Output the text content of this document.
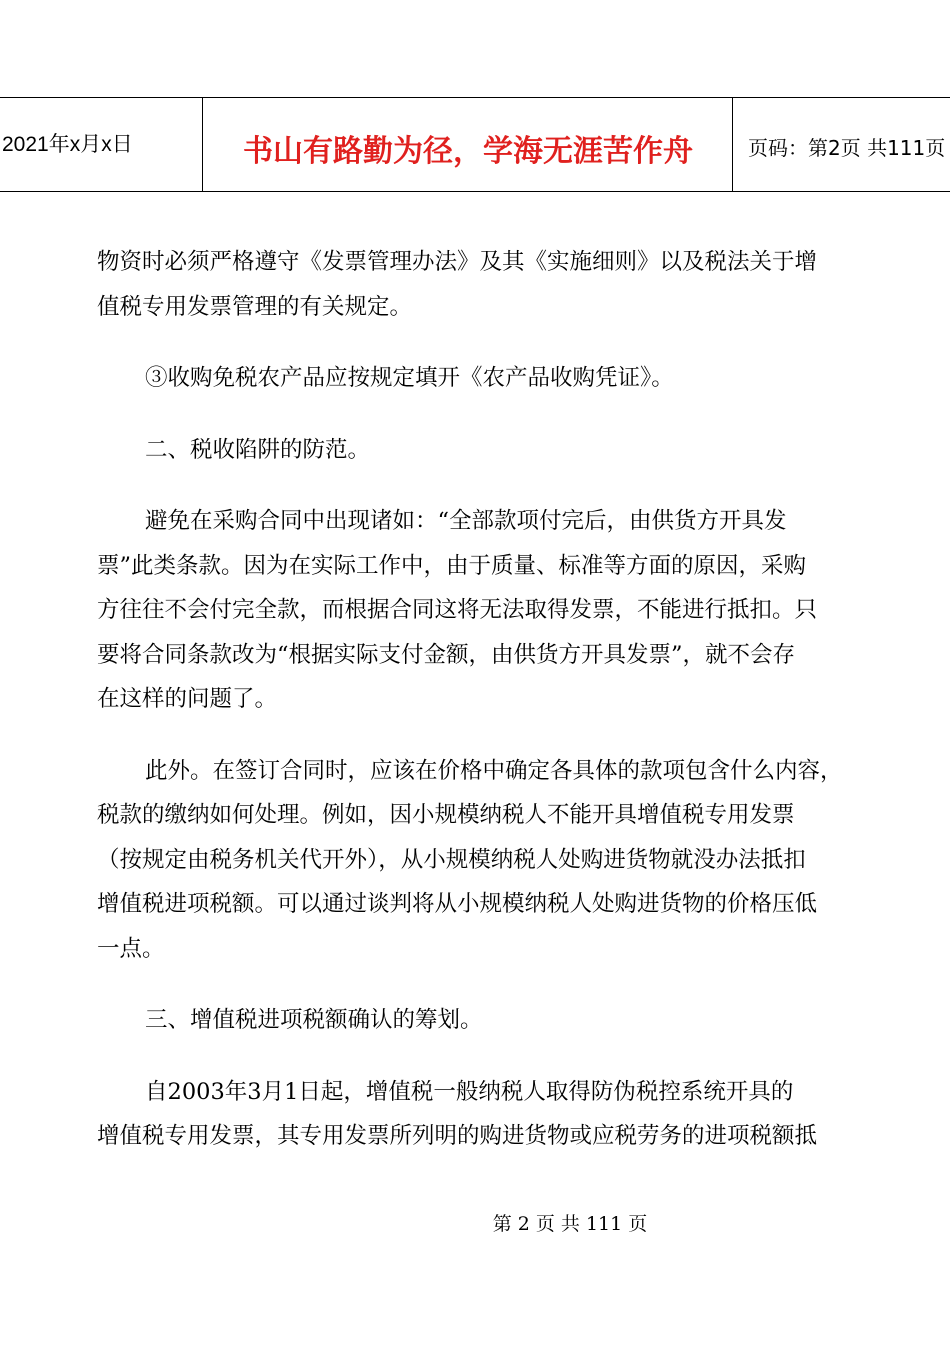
2021年x月x日	书山有路勤为径，学海无涯苦作舟	页码：第2页 共111页
物资时必须严格遵守《发票管理办法》及其《实施细则》以及税法关于增
值税专用发票管理的有关规定。
③收购免税农产品应按规定填开《农产品收购凭证》。
二、税收陷阱的防范。
避免在采购合同中出现诸如：“全部款项付完后，由供货方开具发
票”此类条款。因为在实际工作中，由于质量、标准等方面的原因，采购
方往往不会付完全款，而根据合同这将无法取得发票，不能进行抵扣。只
要将合同条款改为“根据实际支付金额，由供货方开具发票”，就不会存
在这样的问题了。
此外。在签订合同时，应该在价格中确定各具体的款项包含什么内容，
税款的缴纳如何处理。例如，因小规模纳税人不能开具增值税专用发票
（按规定由税务机关代开外），从小规模纳税人处购进货物就没办法抵扣
增值税进项税额。可以通过谈判将从小规模纳税人处购进货物的价格压低
一点。
三、增值税进项税额确认的筹划。
自2003年3月1日起，增值税一般纳税人取得防伪税控系统开具的
增值税专用发票，其专用发票所列明的购进货物或应税劳务的进项税额抵
第 2 页 共 111 页
